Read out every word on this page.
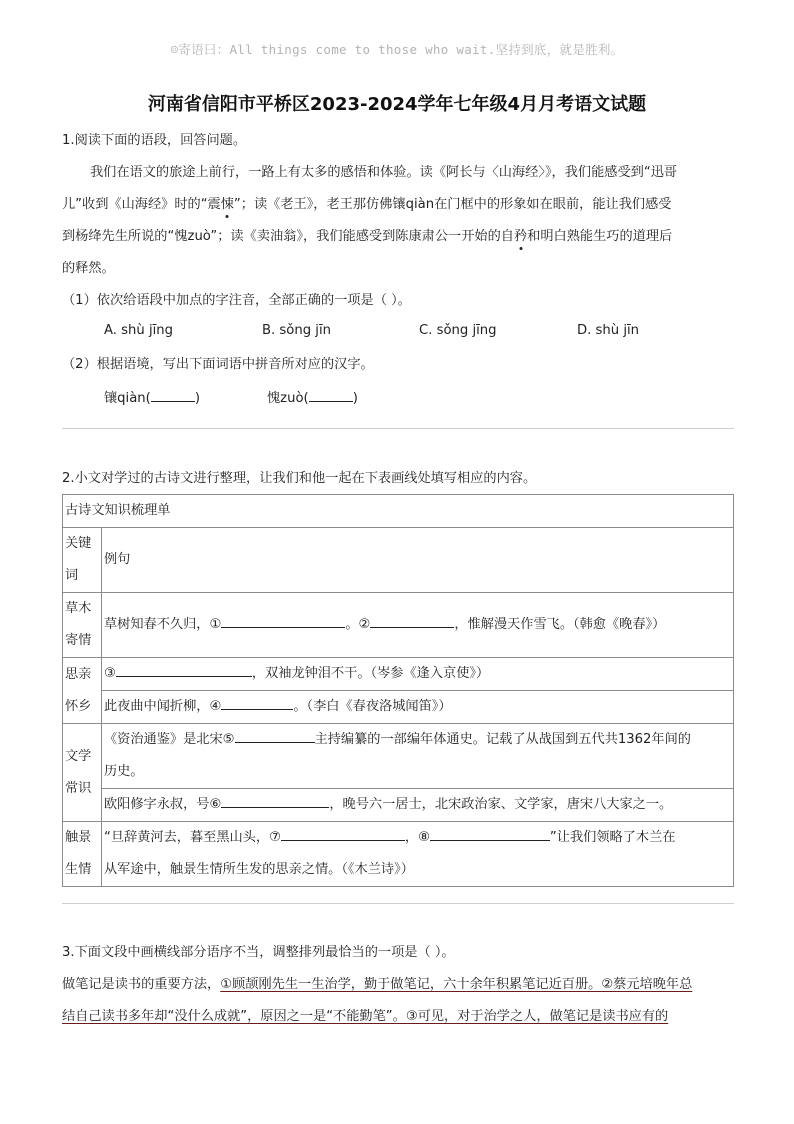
☺寄语曰：All things come to those who wait.坚持到底，就是胜利。
河南省信阳市平桥区2023-2024学年七年级4月月考语文试题
1.阅读下面的语段，回答问题。
我们在语文的旅途上前行，一路上有太多的感悟和体验。读《阿长与〈山海经〉》，我们能感受到“迅哥
儿”收到《山海经》时的“震悚”；读《老王》，老王那仿佛镶qiàn在门框中的形象如在眼前，能让我们感受
到杨绛先生所说的“愧zuò”；读《卖油翁》，我们能感受到陈康肃公一开始的自矜和明白熟能生巧的道理后
的释然。
（1）依次给语段中加点的字注音，全部正确的一项是（ ）。
A. shù jīng	B. sǒng jīn	C. sǒng jīng	D. shù jīn
（2）根据语境，写出下面词语中拼音所对应的汉字。
镶qiàn(	)	愧zuò(	)
2.小文对学过的古诗文进行整理，让我们和他一起在下表画线处填写相应的内容。
古诗文知识梳理单	
关键词	例句
草木寄情	草树知春不久归，① 。② ，惟解漫天作雪飞。（韩愈《晚春》）
思亲怀乡	③ ，双袖龙钟泪不干。（岑参《逢入京使》）
	此夜曲中闻折柳，④ 。（李白《春夜洛城闻笛》）
文学常识	《资治通鉴》是北宋⑤ 主持编纂的一部编年体通史。记载了从战国到五代共1362年间的
历史。
	欧阳修字永叔，号⑥ ，晚号六一居士，北宋政治家、文学家，唐宋八大家之一。
触景生情	“旦辞黄河去，暮至黑山头，⑦ ，⑧ ”让我们领略了木兰在
从军途中，触景生情所生发的思亲之情。（《木兰诗》）
3.下面文段中画横线部分语序不当，调整排列最恰当的一项是（ ）。
做笔记是读书的重要方法，①顾颉刚先生一生治学，勤于做笔记，六十余年积累笔记近百册。②蔡元培晚年总
结自己读书多年却“没什么成就”，原因之一是“不能勤笔”。③可见，对于治学之人，做笔记是读书应有的
